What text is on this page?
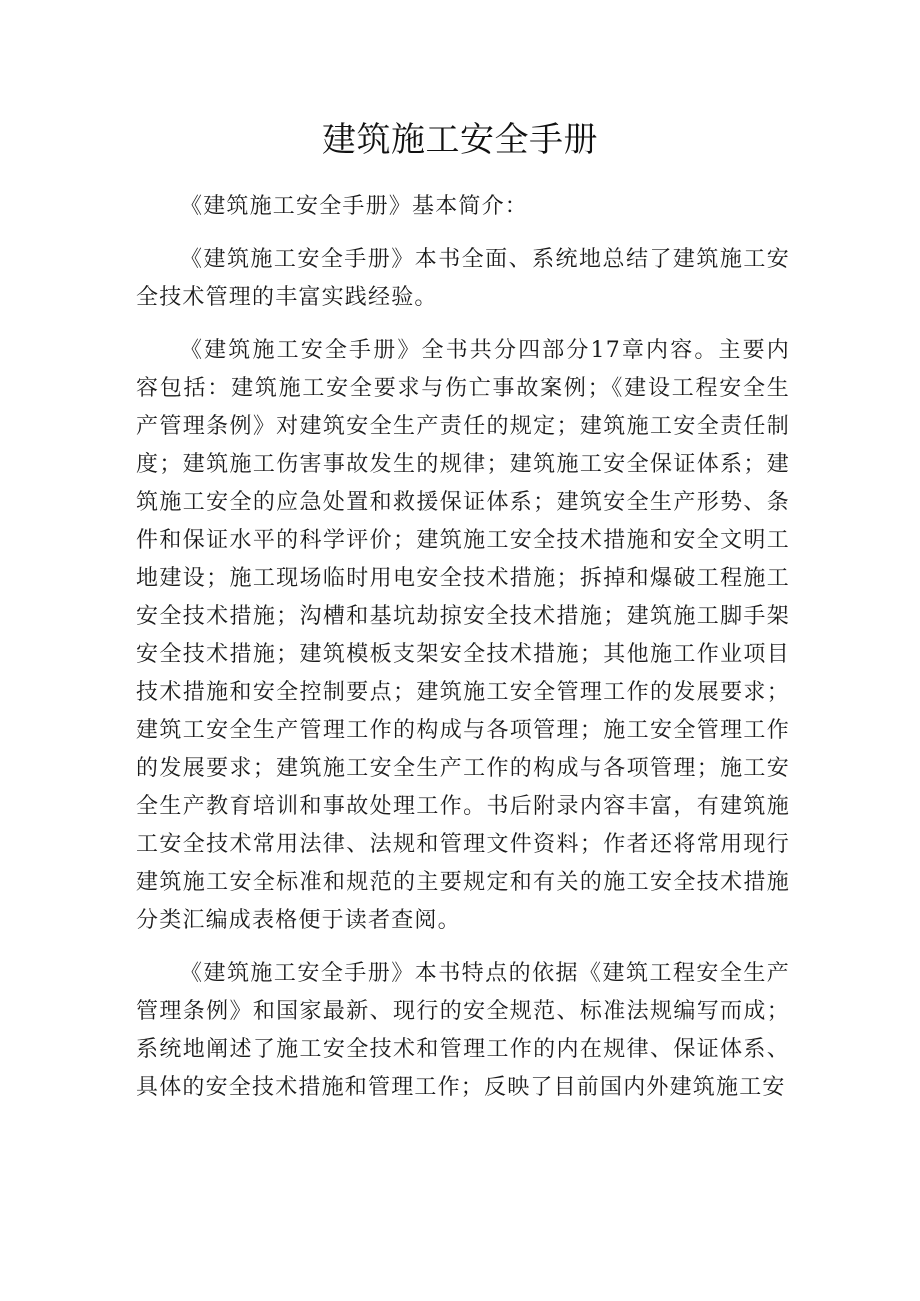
建筑施工安全手册

《建筑施工安全手册》基本简介：

《建筑施工安全手册》本书全面、系统地总结了建筑施工安全技术管理的丰富实践经验。

《建筑施工安全手册》全书共分四部分17章内容。主要内容包括：建筑施工安全要求与伤亡事故案例；《建设工程安全生产管理条例》对建筑安全生产责任的规定；建筑施工安全责任制度；建筑施工伤害事故发生的规律；建筑施工安全保证体系；建筑施工安全的应急处置和救援保证体系；建筑安全生产形势、条件和保证水平的科学评价；建筑施工安全技术措施和安全文明工地建设；施工现场临时用电安全技术措施；拆掉和爆破工程施工安全技术措施；沟槽和基坑劫掠安全技术措施；建筑施工脚手架安全技术措施；建筑模板支架安全技术措施；其他施工作业项目技术措施和安全控制要点；建筑施工安全管理工作的发展要求；建筑工安全生产管理工作的构成与各项管理；施工安全管理工作的发展要求；建筑施工安全生产工作的构成与各项管理；施工安全生产教育培训和事故处理工作。书后附录内容丰富，有建筑施工安全技术常用法律、法规和管理文件资料；作者还将常用现行建筑施工安全标准和规范的主要规定和有关的施工安全技术措施分类汇编成表格便于读者查阅。

《建筑施工安全手册》本书特点的依据《建筑工程安全生产管理条例》和国家最新、现行的安全规范、标准法规编写而成；系统地阐述了施工安全技术和管理工作的内在规律、保证体系、具体的安全技术措施和管理工作；反映了目前国内外建筑施工安
